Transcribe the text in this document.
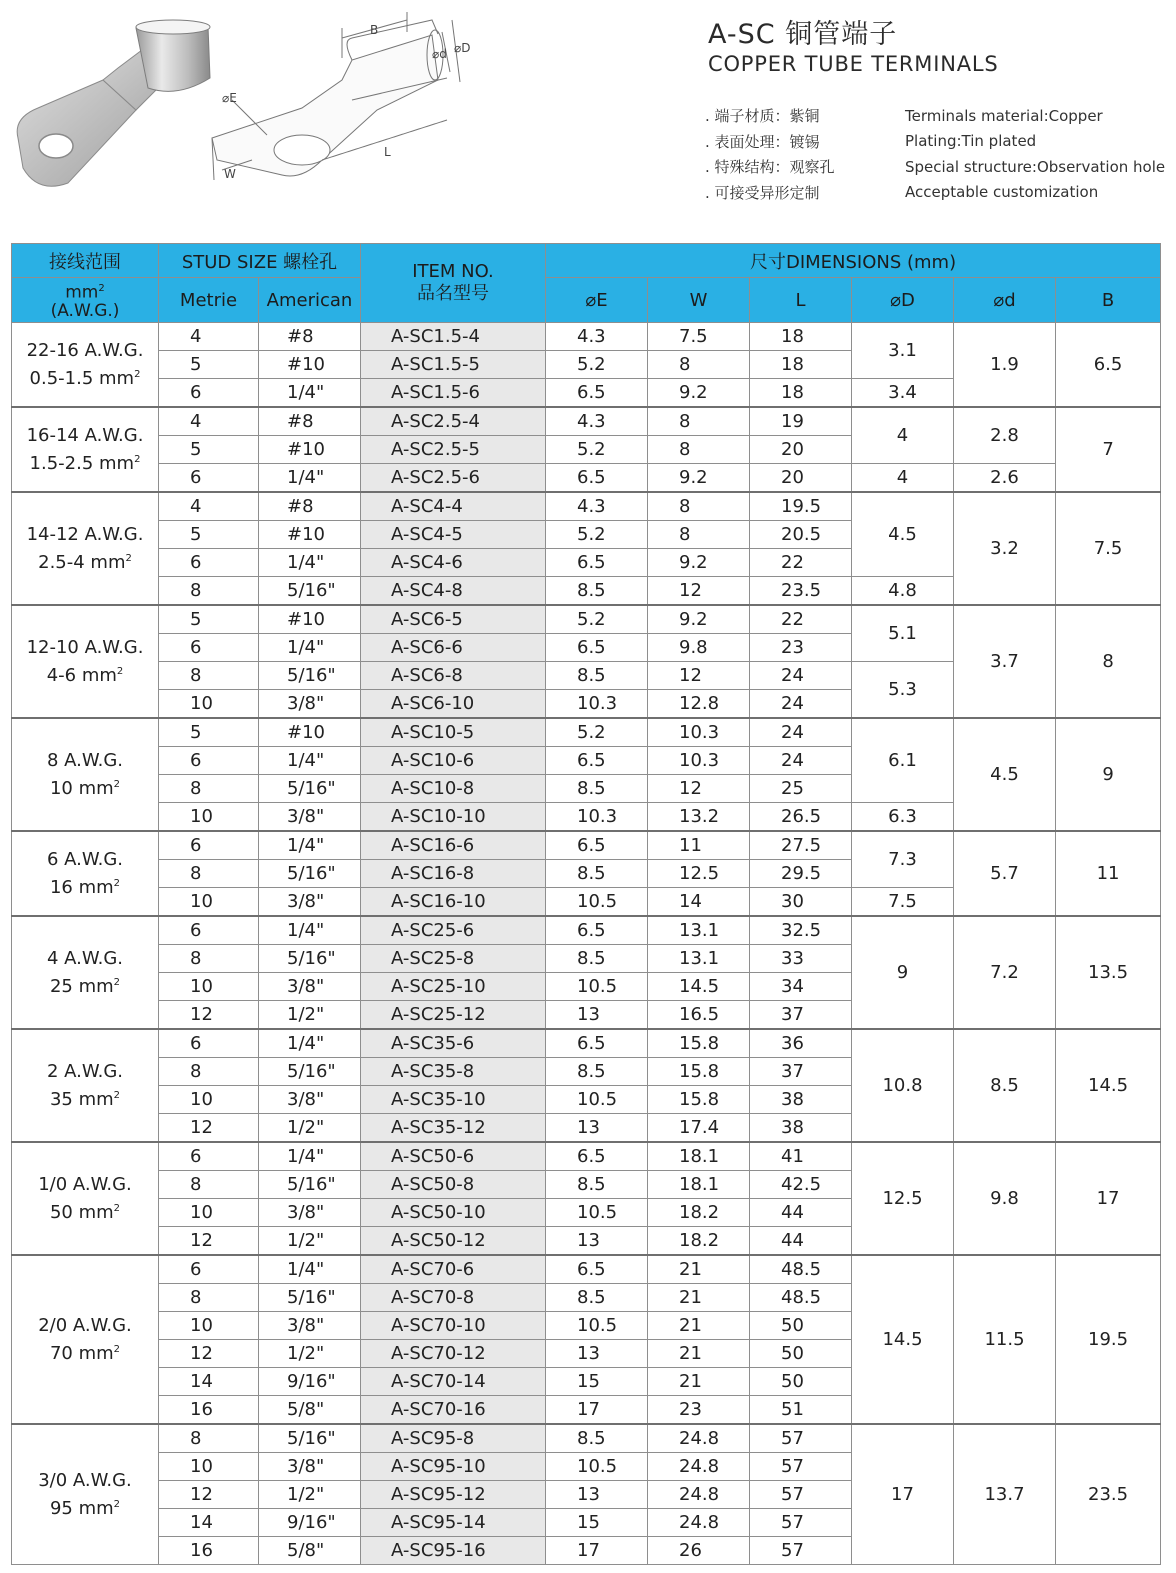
B
⌀d ⌀D
⌀E
L
W
A-SC 铜管端子
COPPER TUBE TERMINALS
. 端子材质：紫铜	Terminals material:Copper
. 表面处理：镀锡	Plating:Tin plated
. 特殊结构：观察孔	Special structure:Observation hole
. 可接受异形定制	Acceptable customization
接线范围	STUD SIZE 螺栓孔		ITEM NO.
品名型号	尺寸DIMENSIONS (mm)					
$mm^2$
(A.W.G.)	Metrie	American		⌀E	W	L	⌀D	⌀d	B

22-16 A.W.G.
0.5-1.5 $mm^2$	4	#8	A-SC1.5-4	4.3	7.5	18	3.1	1.9	6.5
	5	#10	A-SC1.5-5	5.2	8	18			
	6	1/4"	A-SC1.5-6	6.5	9.2	18	3.4		

16-14 A.W.G.
1.5-2.5 $mm^2$	4	#8	A-SC2.5-4	4.3	8	19	4	2.8	7
	5	#10	A-SC2.5-5	5.2	8	20			
	6	1/4"	A-SC2.5-6	6.5	9.2	20	4	2.6	

14-12 A.W.G.
2.5-4 $mm^2$	4	#8	A-SC4-4	4.3	8	19.5	4.5	3.2	7.5
	5	#10	A-SC4-5	5.2	8	20.5			
	6	1/4"	A-SC4-6	6.5	9.2	22			
	8	5/16"	A-SC4-8	8.5	12	23.5	4.8		

12-10 A.W.G.
4-6 $mm^2$	5	#10	A-SC6-5	5.2	9.2	22	5.1	3.7	8
	6	1/4"	A-SC6-6	6.5	9.8	23			
	8	5/16"	A-SC6-8	8.5	12	24	5.3		
	10	3/8"	A-SC6-10	10.3	12.8	24			

8 A.W.G.
10 $mm^2$	5	#10	A-SC10-5	5.2	10.3	24	6.1	4.5	9
	6	1/4"	A-SC10-6	6.5	10.3	24			
	8	5/16"	A-SC10-8	8.5	12	25			
	10	3/8"	A-SC10-10	10.3	13.2	26.5	6.3		

6 A.W.G.
16 $mm^2$	6	1/4"	A-SC16-6	6.5	11	27.5	7.3	5.7	11
	8	5/16"	A-SC16-8	8.5	12.5	29.5			
	10	3/8"	A-SC16-10	10.5	14	30	7.5		

4 A.W.G.
25 $mm^2$	6	1/4"	A-SC25-6	6.5	13.1	32.5	9	7.2	13.5
	8	5/16"	A-SC25-8	8.5	13.1	33			
	10	3/8"	A-SC25-10	10.5	14.5	34			
	12	1/2"	A-SC25-12	13	16.5	37			

2 A.W.G.
35 $mm^2$	6	1/4"	A-SC35-6	6.5	15.8	36	10.8	8.5	14.5
	8	5/16"	A-SC35-8	8.5	15.8	37			
	10	3/8"	A-SC35-10	10.5	15.8	38			
	12	1/2"	A-SC35-12	13	17.4	38			

1/0 A.W.G.
50 $mm^2$	6	1/4"	A-SC50-6	6.5	18.1	41	12.5	9.8	17
	8	5/16"	A-SC50-8	8.5	18.1	42.5			
	10	3/8"	A-SC50-10	10.5	18.2	44			
	12	1/2"	A-SC50-12	13	18.2	44			

2/0 A.W.G.
70 $mm^2$	6	1/4"	A-SC70-6	6.5	21	48.5	14.5	11.5	19.5
	8	5/16"	A-SC70-8	8.5	21	48.5			
	10	3/8"	A-SC70-10	10.5	21	50			
	12	1/2"	A-SC70-12	13	21	50			
	14	9/16"	A-SC70-14	15	21	50			
	16	5/8"	A-SC70-16	17	23	51			

3/0 A.W.G.
95 $mm^2$	8	5/16"	A-SC95-8	8.5	24.8	57	17	13.7	23.5
	10	3/8"	A-SC95-10	10.5	24.8	57			
	12	1/2"	A-SC95-12	13	24.8	57			
	14	9/16"	A-SC95-14	15	24.8	57			
	16	5/8"	A-SC95-16	17	26	57			
